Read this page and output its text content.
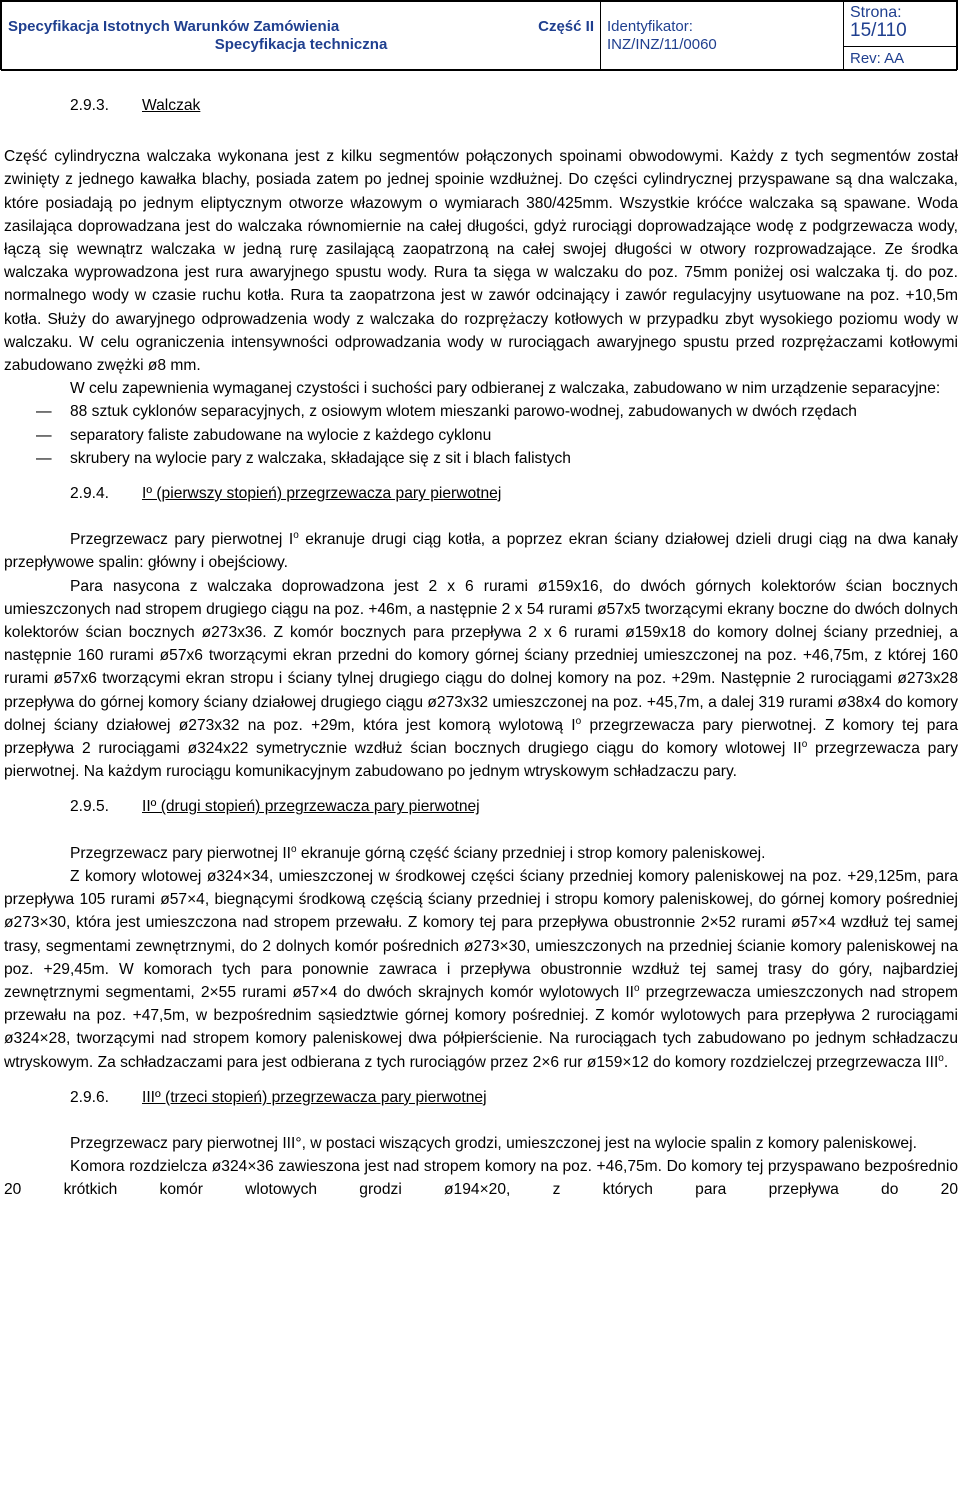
Specyfikacja Istotnych Warunków Zamówienia	Część II
Specyfikacja techniczna

Identyfikator:
INZ/INZ/11/0060

Strona:
15/110
Rev: AA

2.9.3. Walczak

Część cylindryczna walczaka wykonana jest z kilku segmentów połączonych spoinami obwodowymi. Każdy z tych segmentów został zwinięty z jednego kawałka blachy, posiada zatem po jednej spoinie wzdłużnej. Do części cylindrycznej przyspawane są dna walczaka, które posiadają po jednym eliptycznym otworze włazowym o wymiarach 380/425mm. Wszystkie króćce walczaka są spawane. Woda zasilająca doprowadzana jest do walczaka równomiernie na całej długości, gdyż rurociągi doprowadzające wodę z podgrzewacza wody, łączą się wewnątrz walczaka w jedną rurę zasilającą zaopatrzoną na całej swojej długości w otwory rozprowadzające. Ze środka walczaka wyprowadzona jest rura awaryjnego spustu wody. Rura ta sięga w walczaku do poz. 75mm poniżej osi walczaka tj. do poz. normalnego wody w czasie ruchu kotła. Rura ta zaopatrzona jest w zawór odcinający i zawór regulacyjny usytuowane na poz. +10,5m kotła. Służy do awaryjnego odprowadzenia wody z walczaka do rozprężaczy kotłowych w przypadku zbyt wysokiego poziomu wody w walczaku. W celu ograniczenia intensywności odprowadzania wody w rurociągach awaryjnego spustu przed rozprężaczami kotłowymi zabudowano zwężki ø8 mm.

W celu zapewnienia wymaganej czystości i suchości pary odbieranej z walczaka, zabudowano w nim urządzenie separacyjne:

— 88 sztuk cyklonów separacyjnych, z osiowym wlotem mieszanki parowo-wodnej, zabudowanych w dwóch rzędach

— separatory faliste zabudowane na wylocie z każdego cyklonu

— skrubery na wylocie pary z walczaka, składające się z sit i blach falistych

2.9.4. Iº (pierwszy stopień) przegrzewacza pary pierwotnej

Przegrzewacz pary pierwotnej $I^o$ ekranuje drugi ciąg kotła, a poprzez ekran ściany działowej dzieli drugi ciąg na dwa kanały przepływowe spalin: główny i obejściowy.

Para nasycona z walczaka doprowadzona jest 2 x 6 rurami ø159x16, do dwóch górnych kolektorów ścian bocznych umieszczonych nad stropem drugiego ciągu na poz. +46m, a następnie 2 x 54 rurami ø57x5 tworzącymi ekrany boczne do dwóch dolnych kolektorów ścian bocznych ø273x36. Z komór bocznych para przepływa 2 x 6 rurami ø159x18 do komory dolnej ściany przedniej, a następnie 160 rurami ø57x6 tworzącymi ekran przedni do komory górnej ściany przedniej umieszczonej na poz. +46,75m, z której 160 rurami ø57x6 tworzącymi ekran stropu i ściany tylnej drugiego ciągu do dolnej komory na poz. +29m. Następnie 2 rurociągami ø273x28 przepływa do górnej komory ściany działowej drugiego ciągu ø273x32 umieszczonej na poz. +45,7m, a dalej 319 rurami ø38x4 do komory dolnej ściany działowej ø273x32 na poz. +29m, która jest komorą wylotową $I^o$ przegrzewacza pary pierwotnej. Z komory tej para przepływa 2 rurociągami ø324x22 symetrycznie wzdłuż ścian bocznych drugiego ciągu do komory wlotowej $II^o$ przegrzewacza pary pierwotnej. Na każdym rurociągu komunikacyjnym zabudowano po jednym wtryskowym schładzaczu pary.

2.9.5. IIº (drugi stopień) przegrzewacza pary pierwotnej

Przegrzewacz pary pierwotnej $II^o$ ekranuje górną część ściany przedniej i strop komory paleniskowej.

Z komory wlotowej ø324×34, umieszczonej w środkowej części ściany przedniej komory paleniskowej na poz. +29,125m, para przepływa 105 rurami ø57×4, biegnącymi środkową częścią ściany przedniej i stropu komory paleniskowej, do górnej komory pośredniej ø273×30, która jest umieszczona nad stropem przewału. Z komory tej para przepływa obustronnie 2×52 rurami ø57×4 wzdłuż tej samej trasy, segmentami zewnętrznymi, do 2 dolnych komór pośrednich ø273×30, umieszczonych na przedniej ścianie komory paleniskowej na poz. +29,45m. W komorach tych para ponownie zawraca i przepływa obustronnie wzdłuż tej samej trasy do góry, najbardziej zewnętrznymi segmentami, 2×55 rurami ø57×4 do dwóch skrajnych komór wylotowych $II^o$ przegrzewacza umieszczonych nad stropem przewału na poz. +47,5m, w bezpośrednim sąsiedztwie górnej komory pośredniej. Z komór wylotowych para przepływa 2 rurociągami ø324×28, tworzącymi nad stropem komory paleniskowej dwa półpierścienie. Na rurociągach tych zabudowano po jednym schładzaczu wtryskowym. Za schładzaczami para jest odbierana z tych rurociągów przez 2×6 rur ø159×12 do komory rozdzielczej przegrzewacza III$^o$.

2.9.6. IIIº (trzeci stopień) przegrzewacza pary pierwotnej

Przegrzewacz pary pierwotnej III°, w postaci wiszących grodzi, umieszczonej jest na wylocie spalin z komory paleniskowej.

Komora rozdzielcza ø324×36 zawieszona jest nad stropem komory na poz. +46,75m. Do komory tej przyspawano bezpośrednio 20 krótkich komór wlotowych grodzi ø194×20, z których para przepływa do 20
